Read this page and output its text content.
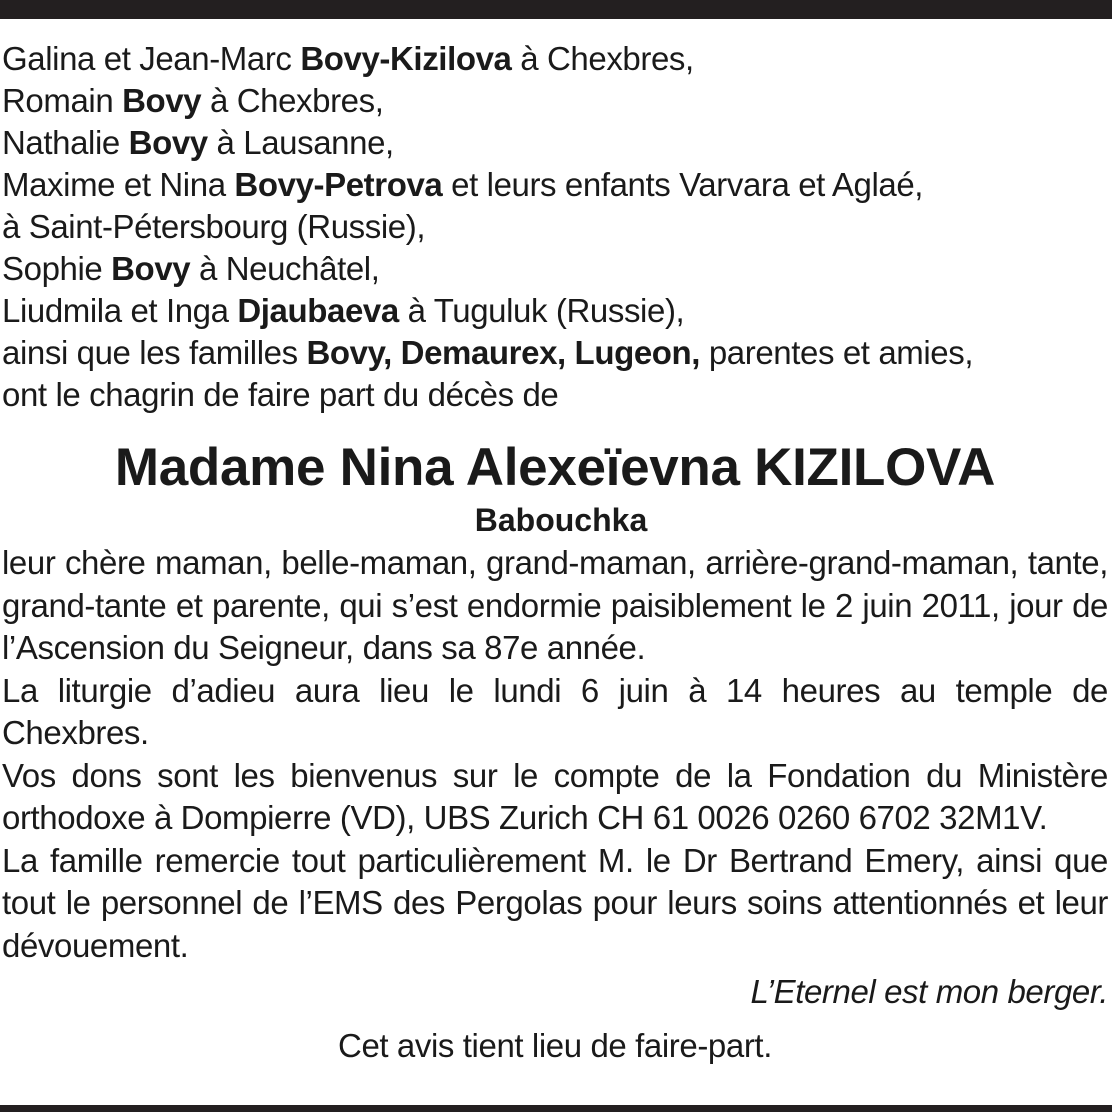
Galina et Jean-Marc Bovy-Kizilova à Chexbres,
Romain Bovy à Chexbres,
Nathalie Bovy à Lausanne,
Maxime et Nina Bovy-Petrova et leurs enfants Varvara et Aglaé,
à Saint-Pétersbourg (Russie),
Sophie Bovy à Neuchâtel,
Liudmila et Inga Djaubaeva à Tuguluk (Russie),
ainsi que les familles Bovy, Demaurex, Lugeon, parentes et amies,
ont le chagrin de faire part du décès de
Madame Nina Alexeïevna KIZILOVA
Babouchka
leur chère maman, belle-maman, grand-maman, arrière-grand-maman, tante, grand-tante et parente, qui s’est endormie paisiblement le 2 juin 2011, jour de l’Ascension du Seigneur, dans sa 87e année.
La liturgie d’adieu aura lieu le lundi 6 juin à 14 heures au temple de Chexbres.
Vos dons sont les bienvenus sur le compte de la Fondation du Ministère orthodoxe à Dompierre (VD), UBS Zurich CH 61 0026 0260 6702 32M1V.
La famille remercie tout particulièrement M. le Dr Bertrand Emery, ainsi que tout le personnel de l’EMS des Pergolas pour leurs soins attentionnés et leur dévouement.
L’Eternel est mon berger.
Cet avis tient lieu de faire-part.
